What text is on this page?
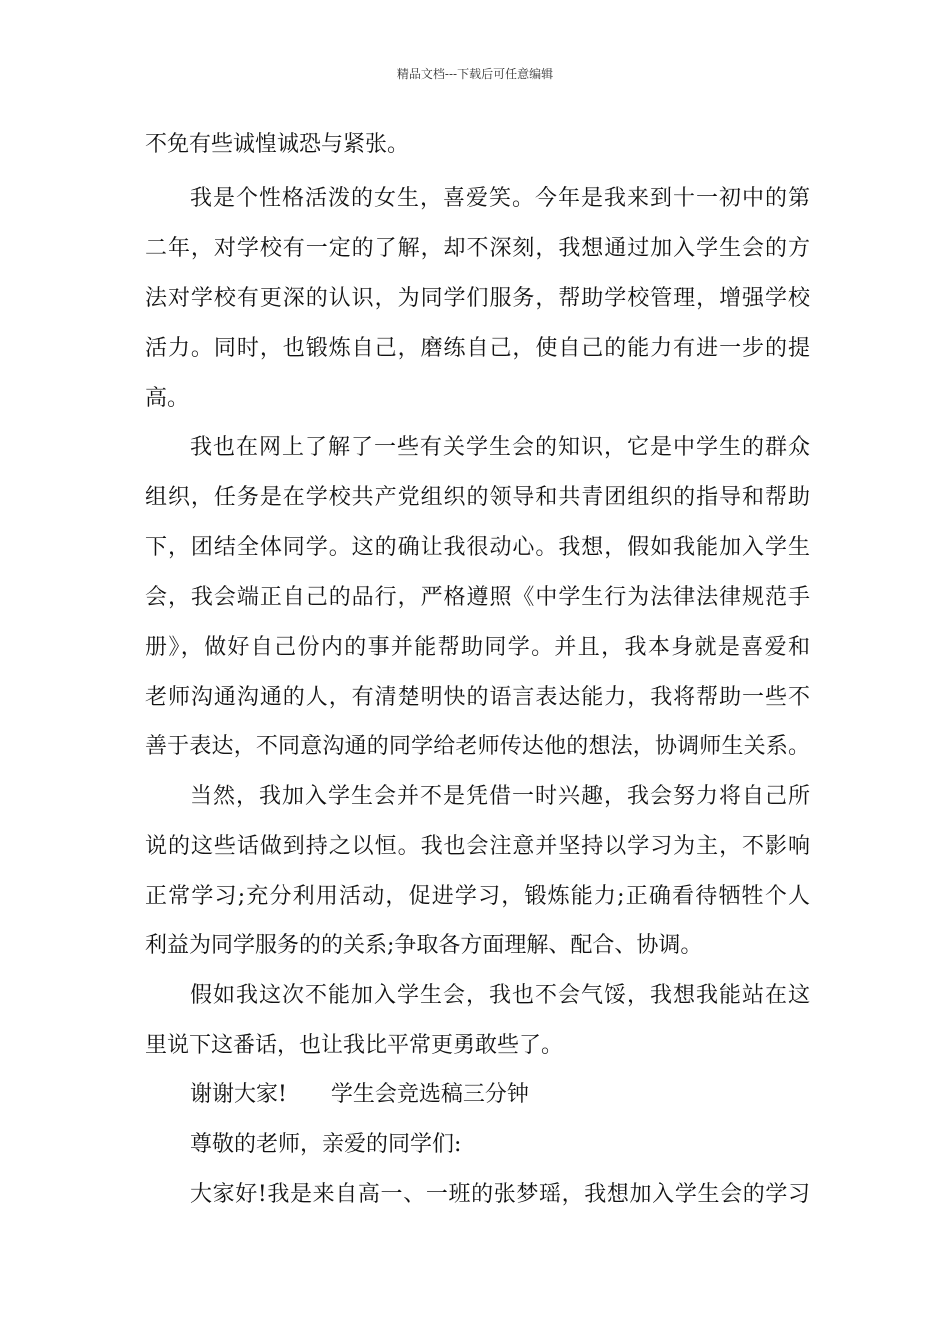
精品文档---下载后可任意编辑
不免有些诚惶诚恐与紧张。
我是个性格活泼的女生，喜爱笑。今年是我来到十一初中的第
二年，对学校有一定的了解，却不深刻，我想通过加入学生会的方
法对学校有更深的认识，为同学们服务，帮助学校管理，增强学校
活力。同时，也锻炼自己，磨练自己，使自己的能力有进一步的提
高。
我也在网上了解了一些有关学生会的知识，它是中学生的群众
组织，任务是在学校共产党组织的领导和共青团组织的指导和帮助
下，团结全体同学。这的确让我很动心。我想，假如我能加入学生
会，我会端正自己的品行，严格遵照《中学生行为法律法律规范手
册》，做好自己份内的事并能帮助同学。并且，我本身就是喜爱和
老师沟通沟通的人，有清楚明快的语言表达能力，我将帮助一些不
善于表达，不同意沟通的同学给老师传达他的想法，协调师生关系。
当然，我加入学生会并不是凭借一时兴趣，我会努力将自己所
说的这些话做到持之以恒。我也会注意并坚持以学习为主，不影响
正常学习;充分利用活动，促进学习，锻炼能力;正确看待牺牲个人
利益为同学服务的的关系;争取各方面理解、配合、协调。
假如我这次不能加入学生会，我也不会气馁，我想我能站在这
里说下这番话，也让我比平常更勇敢些了。
谢谢大家!　　学生会竞选稿三分钟
尊敬的老师，亲爱的同学们:
大家好!我是来自高一、一班的张梦瑶，我想加入学生会的学习
